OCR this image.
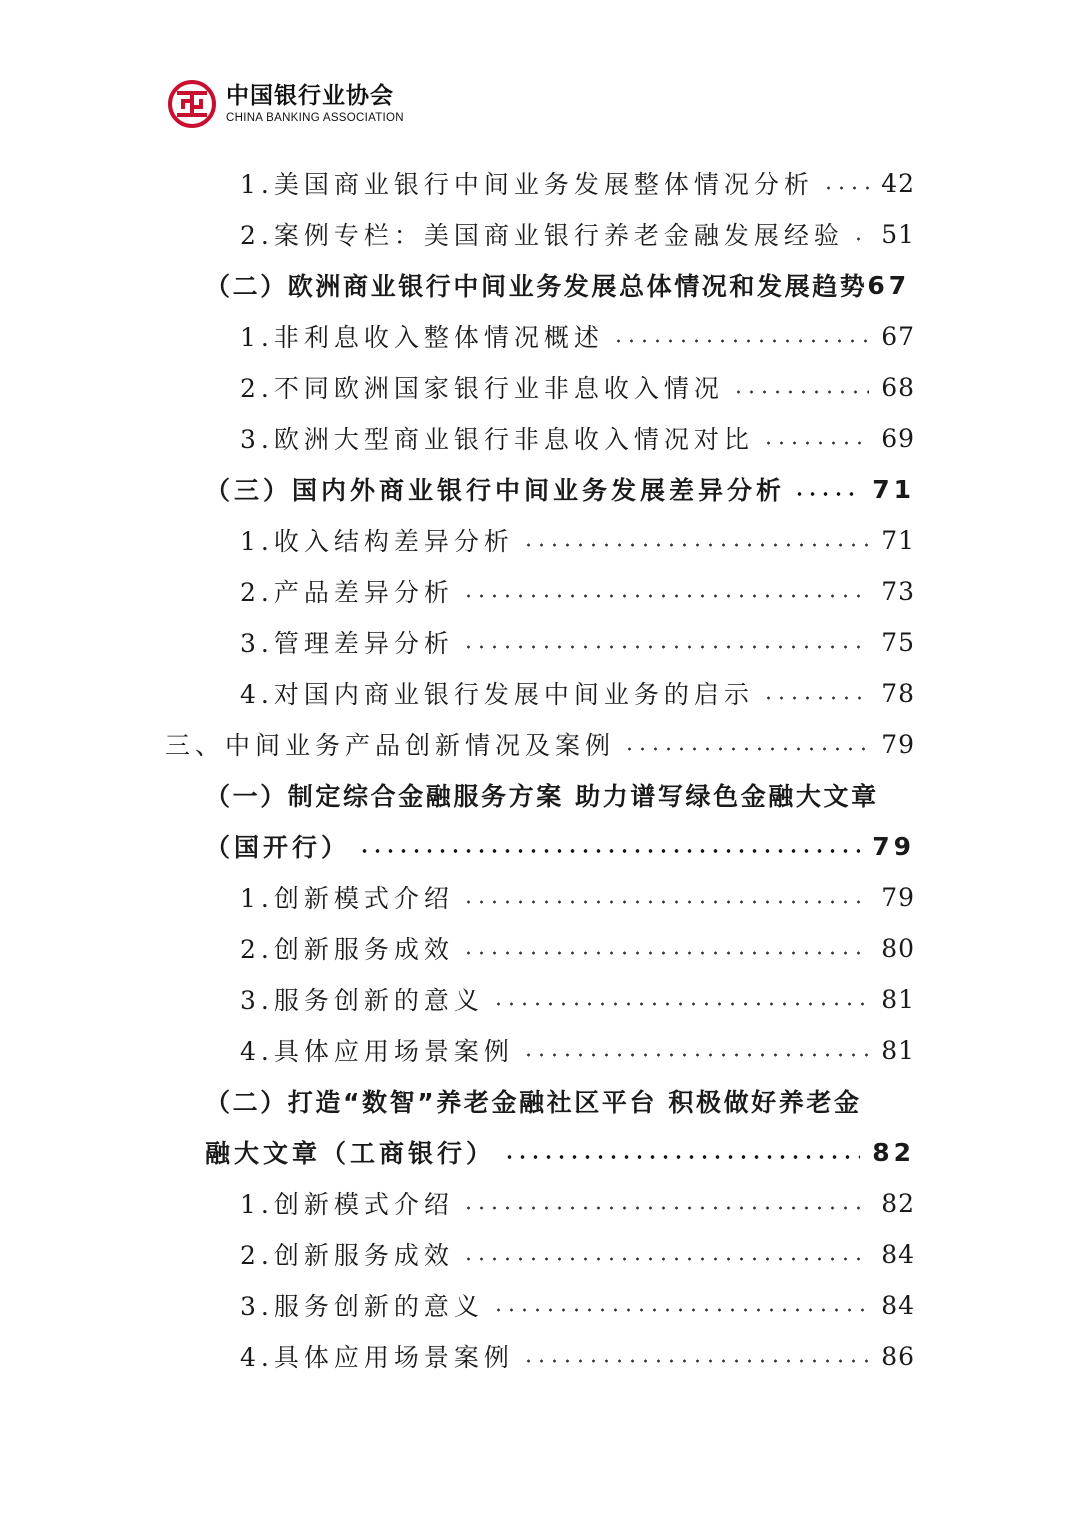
中国银行业协会
CHINA BANKING ASSOCIATION
1.美国商业银行中间业务发展整体情况分析	42
2.案例专栏：美国商业银行养老金融发展经验 51
（二）欧洲商业银行中间业务发展总体情况和发展趋势 67
1.非利息收入整体情况概述	67
2.不同欧洲国家银行业非息收入情况	68
3.欧洲大型商业银行非息收入情况对比	69
（三）国内外商业银行中间业务发展差异分析	71
1.收入结构差异分析	71
2.产品差异分析	73
3.管理差异分析	75
4.对国内商业银行发展中间业务的启示	78
三、中间业务产品创新情况及案例	79
（一）制定综合金融服务方案 助力谱写绿色金融大文章
（国开行）	79
1.创新模式介绍	79
2.创新服务成效	80
3.服务创新的意义	81
4.具体应用场景案例	81
（二）打造“数智”养老金融社区平台 积极做好养老金
融大文章（工商银行）	82
1.创新模式介绍	82
2.创新服务成效	84
3.服务创新的意义	84
4.具体应用场景案例	86
